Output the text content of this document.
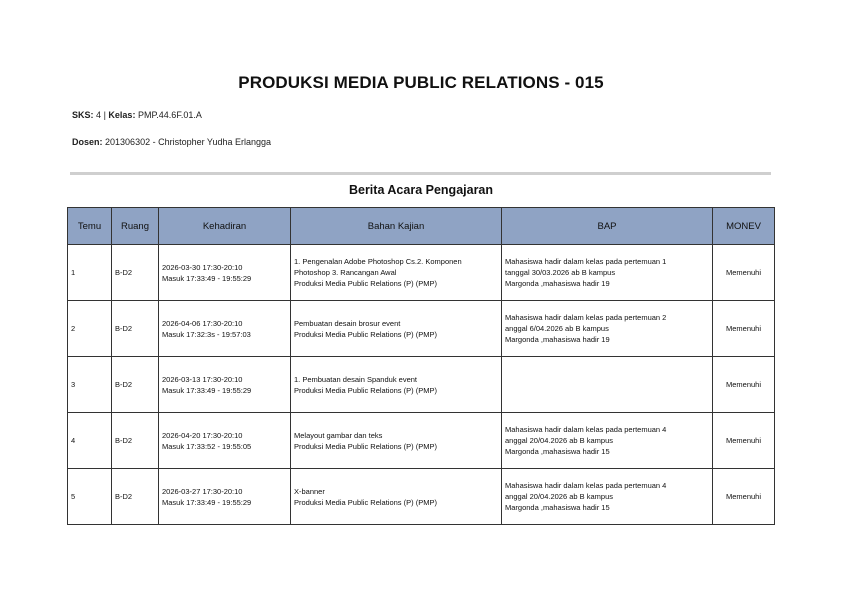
PRODUKSI MEDIA PUBLIC RELATIONS - 015
SKS: 4 | Kelas: PMP.44.6F.01.A
Dosen: 201306302 - Christopher Yudha Erlangga
Berita Acara Pengajaran
Temu	Ruang	Kehadiran	Bahan Kajian	BAP	MONEV
1	B-D2	2026-03-30 17:30-20:10
Masuk 17:33:49 - 19:55:29	1. Pengenalan Adobe Photoshop Cs.2. Komponen
Photoshop 3. Rancangan Awal
Produksi Media Public Relations (P) (PMP)	Mahasiswa hadir dalam kelas pada pertemuan 1
tanggal 30/03.2026 ab B kampus
Margonda ,mahasiswa hadir 19	Memenuhi
2	B-D2	2026-04-06 17:30-20:10
Masuk 17:32:3s - 19:57:03	Pembuatan desain brosur event
Produksi Media Public Relations (P) (PMP)	Mahasiswa hadir dalam kelas pada pertemuan 2
anggal 6/04.2026 ab B kampus
Margonda ,mahasiswa hadir 19	Memenuhi
3	B-D2	2026-03-13 17:30-20:10
Masuk 17:33:49 - 19:55:29	1. Pembuatan desain Spanduk event
Produksi Media Public Relations (P) (PMP)		Memenuhi
4	B-D2	2026-04-20 17:30-20:10
Masuk 17:33:52 - 19:55:05	Melayout gambar dan teks
Produksi Media Public Relations (P) (PMP)	Mahasiswa hadir dalam kelas pada pertemuan 4
anggal 20/04.2026 ab B kampus
Margonda ,mahasiswa hadir 15	Memenuhi
5	B-D2	2026-03-27 17:30-20:10
Masuk 17:33:49 - 19:55:29	X-banner
Produksi Media Public Relations (P) (PMP)	Mahasiswa hadir dalam kelas pada pertemuan 4
anggal 20/04.2026 ab B kampus
Margonda ,mahasiswa hadir 15	Memenuhi
